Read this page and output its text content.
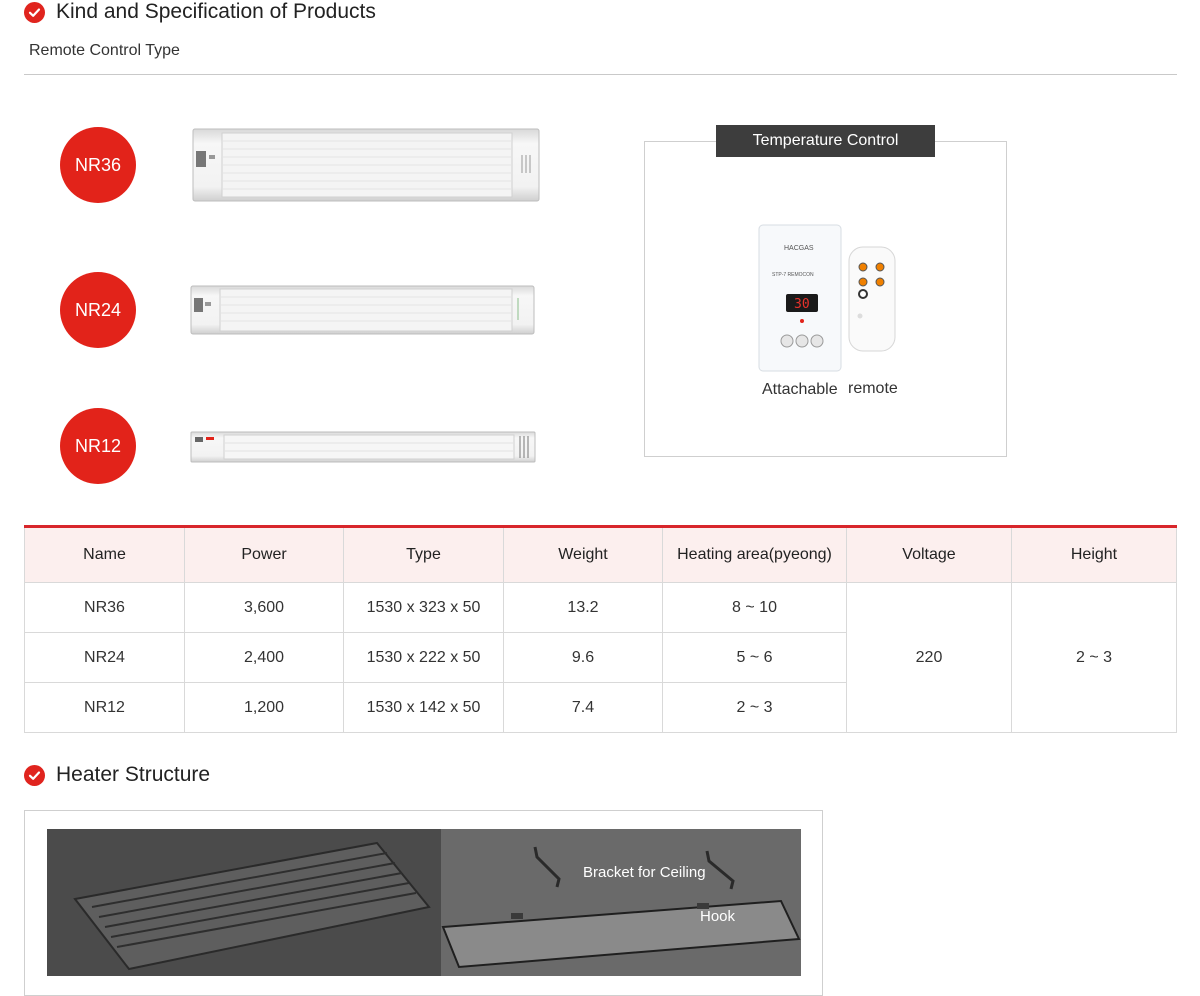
Kind and Specification of Products
Remote Control Type
NR36
NR24
NR12
Temperature Control
HACGAS
STP-7 REMOCON
30
Attachable remote
Name	Power	Type	Weight	Heating area(pyeong)	Voltage	Height
NR36	3,600	1530 x 323 x 50	13.2	8 ~ 10	220	2 ~ 3
NR24	2,400	1530 x 222 x 50	9.6	5 ~ 6		
NR12	1,200	1530 x 142 x 50	7.4	2 ~ 3		
Heater Structure
Bracket for Ceiling
Hook
